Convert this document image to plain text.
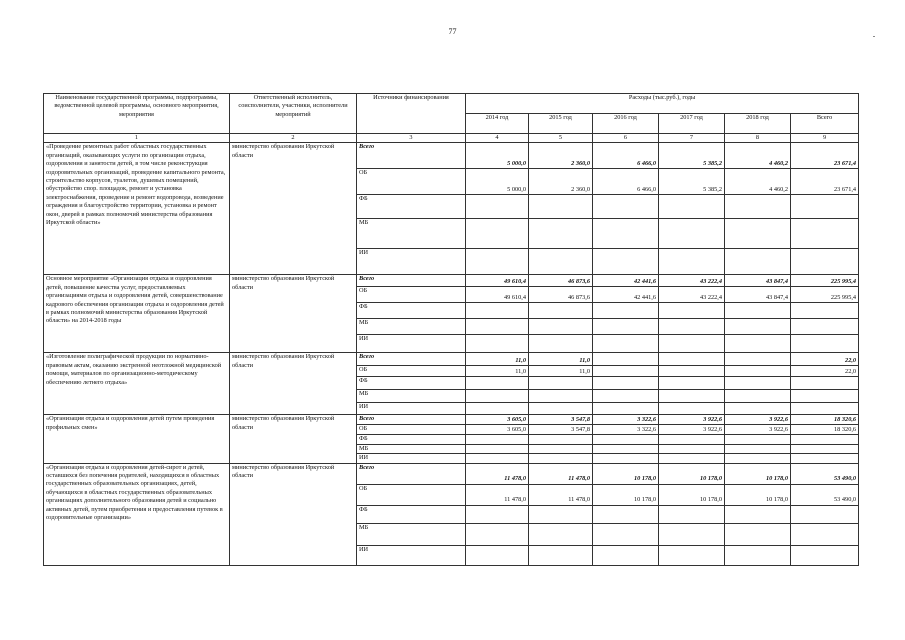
77
Наименование государственной программы, подпрограммы, ведомственной целевой программы, основного мероприятия, мероприятия	Ответственный исполнитель, соисполнители, участники, исполнители мероприятий	Источники финансирования	Расходы (тыс.руб.), годы					
			2014 год	2015 год	2016 год	2017 год	2018 год	Всего
1	2	3	4	5	6	7	8	9
«Проведение ремонтных работ областных государственных организаций, оказывающих услуги по организации отдыха, оздоровления и занятости детей, в том числе реконструкция оздоровительных организаций, проведение капитального ремонта, строительство корпусов, туалетов, душевых помещений, обустройство спор. площадок, ремонт и установка электроснабжения, проведение и ремонт водопровода, возведение ограждения и благоустройство территории, установка и ремонт окон, дверей в рамках полномочий министерства образования Иркутской области»	министерство образования Иркутской области	Всего	5 000,0	2 360,0	6 466,0	5 385,2	4 460,2	23 671,4
		ОБ	5 000,0	2 360,0	6 466,0	5 385,2	4 460,2	23 671,4
		ФБ						
		МБ						
		ИИ						
Основное мероприятие «Организация отдыха и оздоровления детей, повышение качества услуг, предоставляемых организациями отдыха и оздоровления детей, совершенствование кадрового обеспечения организации отдыха и оздоровления детей в рамках полномочий министерства образования Иркутской области» на 2014-2018 годы	министерство образования Иркутской области	Всего	49 610,4	46 873,6	42 441,6	43 222,4	43 847,4	225 995,4
		ОБ	49 610,4	46 873,6	42 441,6	43 222,4	43 847,4	225 995,4
		ФБ						
		МБ						
		ИИ						
«Изготовление полиграфической продукции по нормативно-правовым актам, оказанию экстренной неотложной медицинской помощи, материалов по организационно-методическому обеспечению летнего отдыха»	министерство образования Иркутской области	Всего	11,0	11,0				22,0
		ОБ	11,0	11,0				22,0
		ФБ						
		МБ						
		ИИ						
«Организация отдыха и оздоровления детей путем проведения профильных смен»	министерство образования Иркутской области	Всего	3 605,0	3 547,8	3 322,6	3 922,6	3 922,6	18 320,6
		ОБ	3 605,0	3 547,8	3 322,6	3 922,6	3 922,6	18 320,6
		ФБ						
		МБ						
		ИИ						
«Организация отдыха и оздоровления детей-сирот и детей, оставшихся без попечения родителей, находящихся в областных государственных образовательных организациях, детей, обучающихся в областных государственных образовательных организациях дополнительного образования детей и социально активных детей, путем приобретения и предоставления путевок в оздоровительные организации»	министерство образования Иркутской области	Всего	11 478,0	11 478,0	10 178,0	10 178,0	10 178,0	53 490,0
		ОБ	11 478,0	11 478,0	10 178,0	10 178,0	10 178,0	53 490,0
		ФБ						
		МБ						
		ИИ						
